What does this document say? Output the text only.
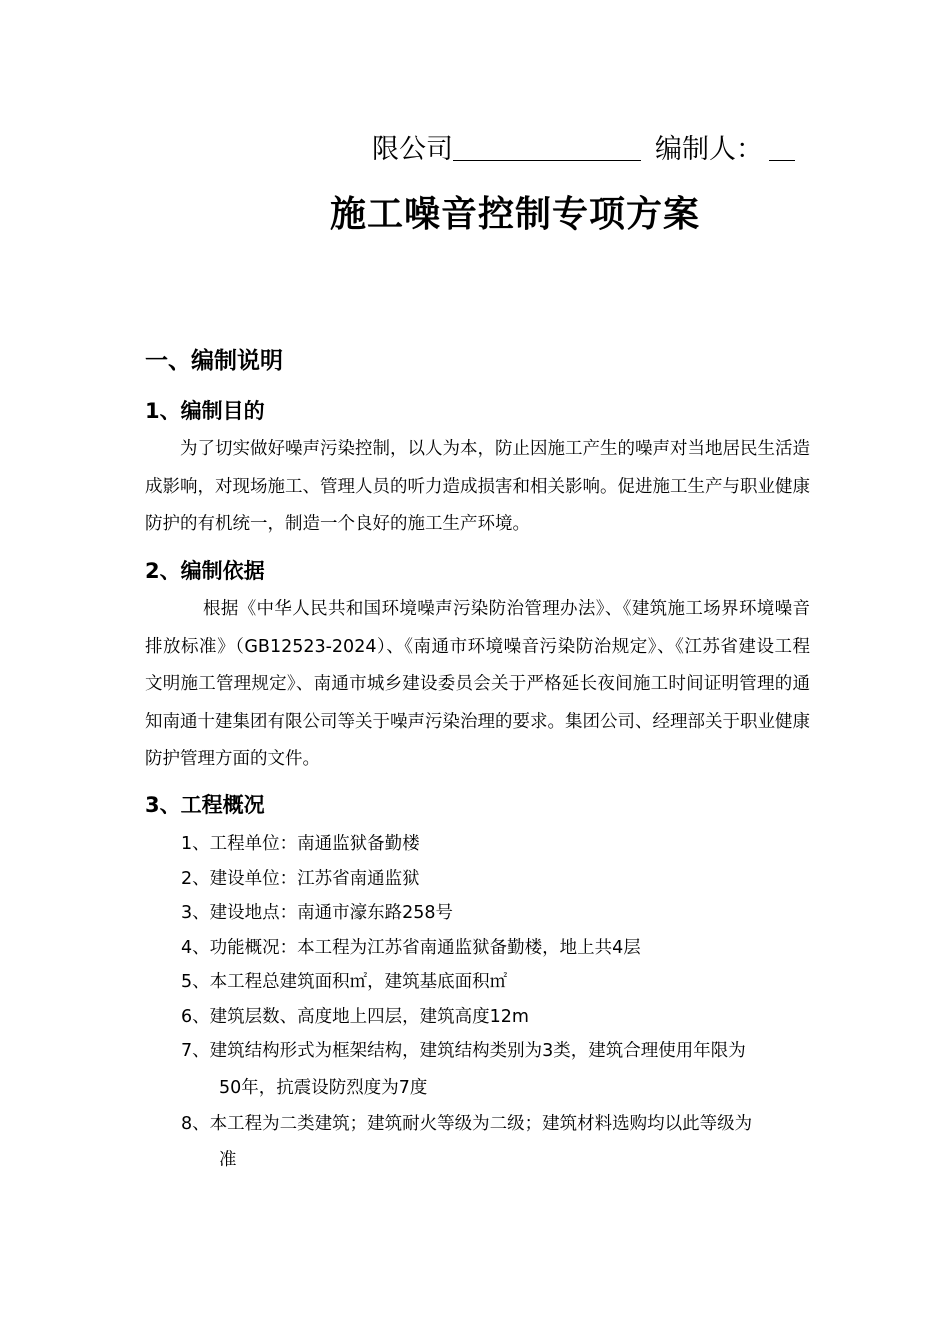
限公司	编制人：
施工噪音控制专项方案
一、编制说明
1、编制目的
为了切实做好噪声污染控制，以人为本，防止因施工产生的噪声对当地居民生活造成影响，对现场施工、管理人员的听力造成损害和相关影响。促进施工生产与职业健康防护的有机统一，制造一个良好的施工生产环境。
2、编制依据
根据《中华人民共和国环境噪声污染防治管理办法》、《建筑施工场界环境噪音排放标准》（GB12523-2024）、《南通市环境噪音污染防治规定》、《江苏省建设工程文明施工管理规定》、南通市城乡建设委员会关于严格延长夜间施工时间证明管理的通知南通十建集团有限公司等关于噪声污染治理的要求。集团公司、经理部关于职业健康防护管理方面的文件。
3、工程概况
1、工程单位：南通监狱备勤楼
2、建设单位：江苏省南通监狱
3、建设地点：南通市濠东路258号
4、功能概况：本工程为江苏省南通监狱备勤楼，地上共4层
5、本工程总建筑面积㎡，建筑基底面积㎡
6、建筑层数、高度地上四层，建筑高度12m
7、建筑结构形式为框架结构，建筑结构类别为3类，建筑合理使用年限为
50年，抗震设防烈度为7度
8、本工程为二类建筑；建筑耐火等级为二级；建筑材料选购均以此等级为
准
